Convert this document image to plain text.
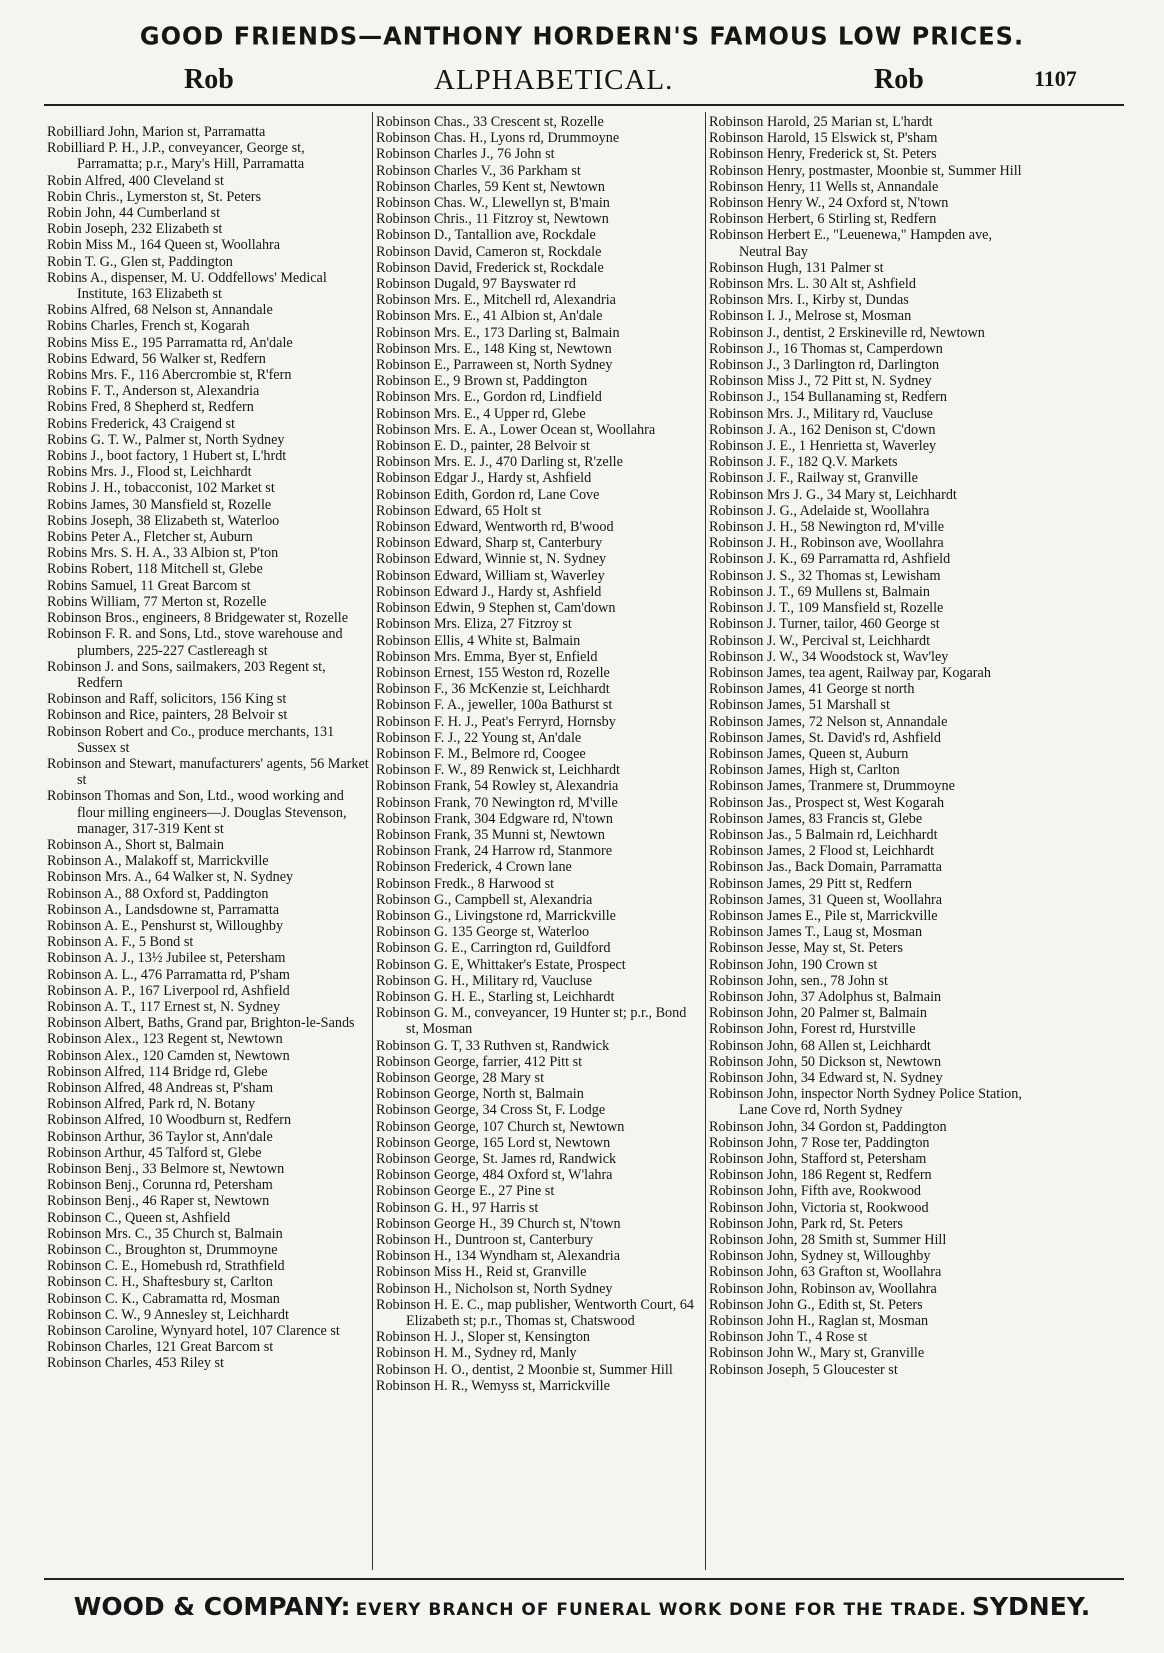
GOOD FRIENDS—ANTHONY HORDERN'S FAMOUS LOW PRICES.
Rob	ALPHABETICAL.	Rob	1107

Robilliard John, Marion st, Parramatta

Robilliard P. H., J.P., conveyancer, George st, Parramatta; p.r., Mary's Hill, Parramatta

Robin Alfred, 400 Cleveland st

Robin Chris., Lymerston st, St. Peters

Robin John, 44 Cumberland st

Robin Joseph, 232 Elizabeth st

Robin Miss M., 164 Queen st, Woollahra

Robin T. G., Glen st, Paddington

Robins A., dispenser, M. U. Oddfellows' Medical Institute, 163 Elizabeth st

Robins Alfred, 68 Nelson st, Annandale

Robins Charles, French st, Kogarah

Robins Miss E., 195 Parramatta rd, An'dale

Robins Edward, 56 Walker st, Redfern

Robins Mrs. F., 116 Abercrombie st, R'fern

Robins F. T., Anderson st, Alexandria

Robins Fred, 8 Shepherd st, Redfern

Robins Frederick, 43 Craigend st

Robins G. T. W., Palmer st, North Sydney

Robins J., boot factory, 1 Hubert st, L'hrdt

Robins Mrs. J., Flood st, Leichhardt

Robins J. H., tobacconist, 102 Market st

Robins James, 30 Mansfield st, Rozelle

Robins Joseph, 38 Elizabeth st, Waterloo

Robins Peter A., Fletcher st, Auburn

Robins Mrs. S. H. A., 33 Albion st, P'ton

Robins Robert, 118 Mitchell st, Glebe

Robins Samuel, 11 Great Barcom st

Robins William, 77 Merton st, Rozelle

Robinson Bros., engineers, 8 Bridgewater st, Rozelle

Robinson F. R. and Sons, Ltd., stove warehouse and plumbers, 225-227 Castlereagh st

Robinson J. and Sons, sailmakers, 203 Regent st, Redfern

Robinson and Raff, solicitors, 156 King st

Robinson and Rice, painters, 28 Belvoir st

Robinson Robert and Co., produce merchants, 131 Sussex st

Robinson and Stewart, manufacturers' agents, 56 Market st

Robinson Thomas and Son, Ltd., wood working and flour milling engineers—J. Douglas Stevenson, manager, 317-319 Kent st

Robinson A., Short st, Balmain

Robinson A., Malakoff st, Marrickville

Robinson Mrs. A., 64 Walker st, N. Sydney

Robinson A., 88 Oxford st, Paddington

Robinson A., Landsdowne st, Parramatta

Robinson A. E., Penshurst st, Willoughby

Robinson A. F., 5 Bond st

Robinson A. J., 13½ Jubilee st, Petersham

Robinson A. L., 476 Parramatta rd, P'sham

Robinson A. P., 167 Liverpool rd, Ashfield

Robinson A. T., 117 Ernest st, N. Sydney

Robinson Albert, Baths, Grand par, Brighton-le-Sands

Robinson Alex., 123 Regent st, Newtown

Robinson Alex., 120 Camden st, Newtown

Robinson Alfred, 114 Bridge rd, Glebe

Robinson Alfred, 48 Andreas st, P'sham

Robinson Alfred, Park rd, N. Botany

Robinson Alfred, 10 Woodburn st, Redfern

Robinson Arthur, 36 Taylor st, Ann'dale

Robinson Arthur, 45 Talford st, Glebe

Robinson Benj., 33 Belmore st, Newtown

Robinson Benj., Corunna rd, Petersham

Robinson Benj., 46 Raper st, Newtown

Robinson C., Queen st, Ashfield

Robinson Mrs. C., 35 Church st, Balmain

Robinson C., Broughton st, Drummoyne

Robinson C. E., Homebush rd, Strathfield

Robinson C. H., Shaftesbury st, Carlton

Robinson C. K., Cabramatta rd, Mosman

Robinson C. W., 9 Annesley st, Leichhardt

Robinson Caroline, Wynyard hotel, 107 Clarence st

Robinson Charles, 121 Great Barcom st

Robinson Charles, 453 Riley st

Robinson Chas., 33 Crescent st, Rozelle

Robinson Chas. H., Lyons rd, Drummoyne

Robinson Charles J., 76 John st

Robinson Charles V., 36 Parkham st

Robinson Charles, 59 Kent st, Newtown

Robinson Chas. W., Llewellyn st, B'main

Robinson Chris., 11 Fitzroy st, Newtown

Robinson D., Tantallion ave, Rockdale

Robinson David, Cameron st, Rockdale

Robinson David, Frederick st, Rockdale

Robinson Dugald, 97 Bayswater rd

Robinson Mrs. E., Mitchell rd, Alexandria

Robinson Mrs. E., 41 Albion st, An'dale

Robinson Mrs. E., 173 Darling st, Balmain

Robinson Mrs. E., 148 King st, Newtown

Robinson E., Parraween st, North Sydney

Robinson E., 9 Brown st, Paddington

Robinson Mrs. E., Gordon rd, Lindfield

Robinson Mrs. E., 4 Upper rd, Glebe

Robinson Mrs. E. A., Lower Ocean st, Woollahra

Robinson E. D., painter, 28 Belvoir st

Robinson Mrs. E. J., 470 Darling st, R'zelle

Robinson Edgar J., Hardy st, Ashfield

Robinson Edith, Gordon rd, Lane Cove

Robinson Edward, 65 Holt st

Robinson Edward, Wentworth rd, B'wood

Robinson Edward, Sharp st, Canterbury

Robinson Edward, Winnie st, N. Sydney

Robinson Edward, William st, Waverley

Robinson Edward J., Hardy st, Ashfield

Robinson Edwin, 9 Stephen st, Cam'down

Robinson Mrs. Eliza, 27 Fitzroy st

Robinson Ellis, 4 White st, Balmain

Robinson Mrs. Emma, Byer st, Enfield

Robinson Ernest, 155 Weston rd, Rozelle

Robinson F., 36 McKenzie st, Leichhardt

Robinson F. A., jeweller, 100a Bathurst st

Robinson F. H. J., Peat's Ferryrd, Hornsby

Robinson F. J., 22 Young st, An'dale

Robinson F. M., Belmore rd, Coogee

Robinson F. W., 89 Renwick st, Leichhardt

Robinson Frank, 54 Rowley st, Alexandria

Robinson Frank, 70 Newington rd, M'ville

Robinson Frank, 304 Edgware rd, N'town

Robinson Frank, 35 Munni st, Newtown

Robinson Frank, 24 Harrow rd, Stanmore

Robinson Frederick, 4 Crown lane

Robinson Fredk., 8 Harwood st

Robinson G., Campbell st, Alexandria

Robinson G., Livingstone rd, Marrickville

Robinson G. 135 George st, Waterloo

Robinson G. E., Carrington rd, Guildford

Robinson G. E, Whittaker's Estate, Prospect

Robinson G. H., Military rd, Vaucluse

Robinson G. H. E., Starling st, Leichhardt

Robinson G. M., conveyancer, 19 Hunter st; p.r., Bond st, Mosman

Robinson G. T, 33 Ruthven st, Randwick

Robinson George, farrier, 412 Pitt st

Robinson George, 28 Mary st

Robinson George, North st, Balmain

Robinson George, 34 Cross St, F. Lodge

Robinson George, 107 Church st, Newtown

Robinson George, 165 Lord st, Newtown

Robinson George, St. James rd, Randwick

Robinson George, 484 Oxford st, W'lahra

Robinson George E., 27 Pine st

Robinson G. H., 97 Harris st

Robinson George H., 39 Church st, N'town

Robinson H., Duntroon st, Canterbury

Robinson H., 134 Wyndham st, Alexandria

Robinson Miss H., Reid st, Granville

Robinson H., Nicholson st, North Sydney

Robinson H. E. C., map publisher, Wentworth Court, 64 Elizabeth st; p.r., Thomas st, Chatswood

Robinson H. J., Sloper st, Kensington

Robinson H. M., Sydney rd, Manly

Robinson H. O., dentist, 2 Moonbie st, Summer Hill

Robinson H. R., Wemyss st, Marrickville

Robinson Harold, 25 Marian st, L'hardt

Robinson Harold, 15 Elswick st, P'sham

Robinson Henry, Frederick st, St. Peters

Robinson Henry, postmaster, Moonbie st, Summer Hill

Robinson Henry, 11 Wells st, Annandale

Robinson Henry W., 24 Oxford st, N'town

Robinson Herbert, 6 Stirling st, Redfern

Robinson Herbert E., "Leuenewa," Hampden ave, Neutral Bay

Robinson Hugh, 131 Palmer st

Robinson Mrs. L. 30 Alt st, Ashfield

Robinson Mrs. I., Kirby st, Dundas

Robinson I. J., Melrose st, Mosman

Robinson J., dentist, 2 Erskineville rd, Newtown

Robinson J., 16 Thomas st, Camperdown

Robinson J., 3 Darlington rd, Darlington

Robinson Miss J., 72 Pitt st, N. Sydney

Robinson J., 154 Bullanaming st, Redfern

Robinson Mrs. J., Military rd, Vaucluse

Robinson J. A., 162 Denison st, C'down

Robinson J. E., 1 Henrietta st, Waverley

Robinson J. F., 182 Q.V. Markets

Robinson J. F., Railway st, Granville

Robinson Mrs J. G., 34 Mary st, Leichhardt

Robinson J. G., Adelaide st, Woollahra

Robinson J. H., 58 Newington rd, M'ville

Robinson J. H., Robinson ave, Woollahra

Robinson J. K., 69 Parramatta rd, Ashfield

Robinson J. S., 32 Thomas st, Lewisham

Robinson J. T., 69 Mullens st, Balmain

Robinson J. T., 109 Mansfield st, Rozelle

Robinson J. Turner, tailor, 460 George st

Robinson J. W., Percival st, Leichhardt

Robinson J. W., 34 Woodstock st, Wav'ley

Robinson James, tea agent, Railway par, Kogarah

Robinson James, 41 George st north

Robinson James, 51 Marshall st

Robinson James, 72 Nelson st, Annandale

Robinson James, St. David's rd, Ashfield

Robinson James, Queen st, Auburn

Robinson James, High st, Carlton

Robinson James, Tranmere st, Drummoyne

Robinson Jas., Prospect st, West Kogarah

Robinson James, 83 Francis st, Glebe

Robinson Jas., 5 Balmain rd, Leichhardt

Robinson James, 2 Flood st, Leichhardt

Robinson Jas., Back Domain, Parramatta

Robinson James, 29 Pitt st, Redfern

Robinson James, 31 Queen st, Woollahra

Robinson James E., Pile st, Marrickville

Robinson James T., Laug st, Mosman

Robinson Jesse, May st, St. Peters

Robinson John, 190 Crown st

Robinson John, sen., 78 John st

Robinson John, 37 Adolphus st, Balmain

Robinson John, 20 Palmer st, Balmain

Robinson John, Forest rd, Hurstville

Robinson John, 68 Allen st, Leichhardt

Robinson John, 50 Dickson st, Newtown

Robinson John, 34 Edward st, N. Sydney

Robinson John, inspector North Sydney Police Station, Lane Cove rd, North Sydney

Robinson John, 34 Gordon st, Paddington

Robinson John, 7 Rose ter, Paddington

Robinson John, Stafford st, Petersham

Robinson John, 186 Regent st, Redfern

Robinson John, Fifth ave, Rookwood

Robinson John, Victoria st, Rookwood

Robinson John, Park rd, St. Peters

Robinson John, 28 Smith st, Summer Hill

Robinson John, Sydney st, Willoughby

Robinson John, 63 Grafton st, Woollahra

Robinson John, Robinson av, Woollahra

Robinson John G., Edith st, St. Peters

Robinson John H., Raglan st, Mosman

Robinson John T., 4 Rose st

Robinson John W., Mary st, Granville

Robinson Joseph, 5 Gloucester st

WOOD & COMPANY: EVERY BRANCH OF FUNERAL WORK DONE FOR THE TRADE. SYDNEY.
